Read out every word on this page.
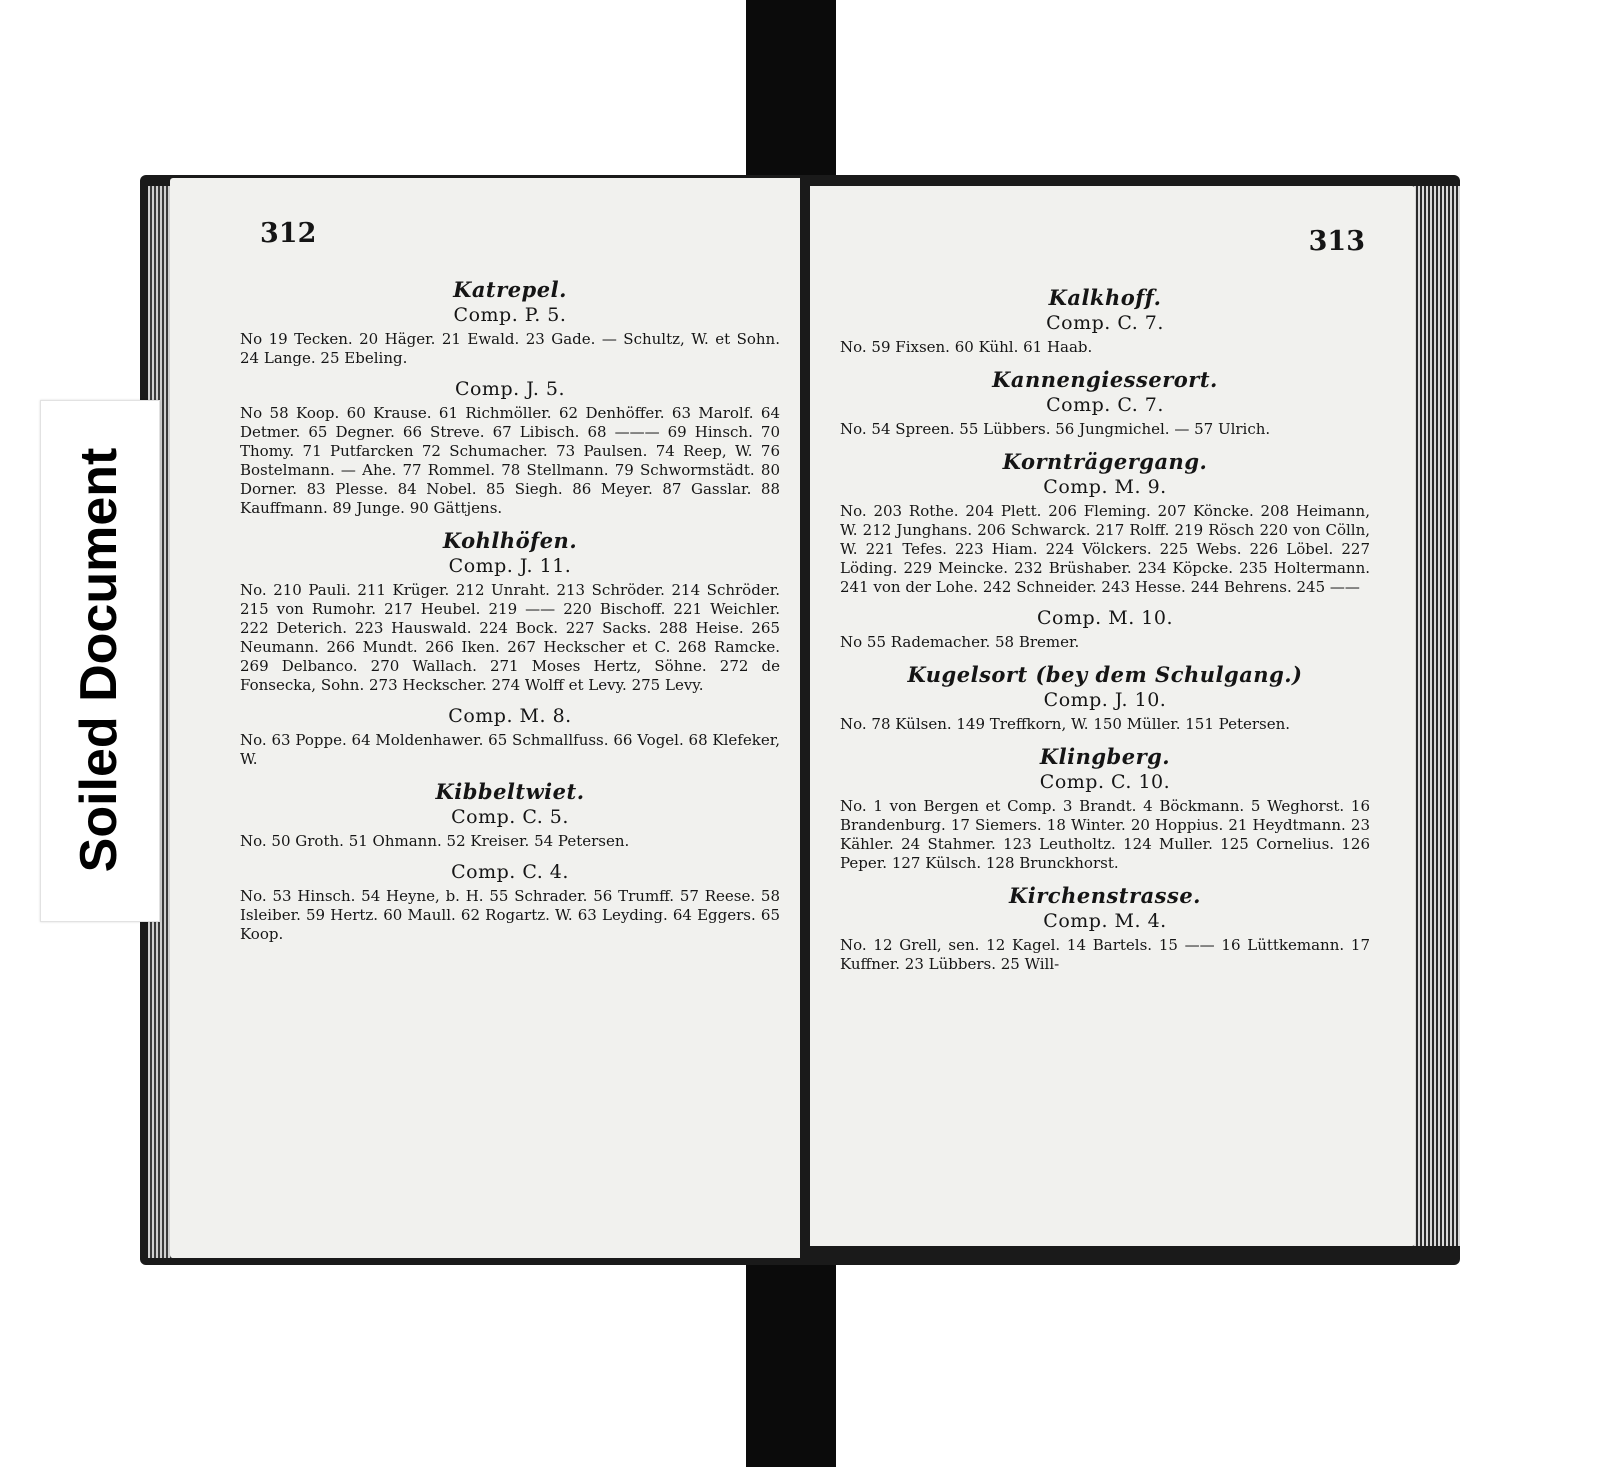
312
Katrepel.
Comp. P. 5.
No 19 Tecken. 20 Häger. 21 Ewald. 23 Gade. — Schultz, W. et Sohn. 24 Lange. 25 Ebeling.
Comp. J. 5.
No 58 Koop. 60 Krause. 61 Richmöller. 62 Denhöffer. 63 Marolf. 64 Detmer. 65 Degner. 66 Streve. 67 Libisch. 68 ——— 69 Hinsch. 70 Thomy. 71 Putfarcken 72 Schumacher. 73 Paulsen. 74 Reep, W. 76 Bostelmann. — Ahe. 77 Rommel. 78 Stellmann. 79 Schwormstädt. 80 Dorner. 83 Plesse. 84 Nobel. 85 Siegh. 86 Meyer. 87 Gasslar. 88 Kauffmann. 89 Junge. 90 Gättjens.
Kohlhöfen.
Comp. J. 11.
No. 210 Pauli. 211 Krüger. 212 Unraht. 213 Schröder. 214 Schröder. 215 von Rumohr. 217 Heubel. 219 —— 220 Bischoff. 221 Weichler. 222 Deterich. 223 Hauswald. 224 Bock. 227 Sacks. 288 Heise. 265 Neumann. 266 Mundt. 266 Iken. 267 Heckscher et C. 268 Ramcke. 269 Delbanco. 270 Wallach. 271 Moses Hertz, Söhne. 272 de Fonsecka, Sohn. 273 Heckscher. 274 Wolff et Levy. 275 Levy.
Comp. M. 8.
No. 63 Poppe. 64 Moldenhawer. 65 Schmallfuss. 66 Vogel. 68 Klefeker, W.
Kibbeltwiet.
Comp. C. 5.
No. 50 Groth. 51 Ohmann. 52 Kreiser. 54 Petersen.
Comp. C. 4.
No. 53 Hinsch. 54 Heyne, b. H. 55 Schrader. 56 Trumff. 57 Reese. 58 Isleiber. 59 Hertz. 60 Maull. 62 Rogartz. W. 63 Leyding. 64 Eggers. 65 Koop.
313
Kalkhoff.
Comp. C. 7.
No. 59 Fixsen. 60 Kühl. 61 Haab.
Kannengiesserort.
Comp. C. 7.
No. 54 Spreen. 55 Lübbers. 56 Jungmichel. — 57 Ulrich.
Kornträgergang.
Comp. M. 9.
No. 203 Rothe. 204 Plett. 206 Fleming. 207 Köncke. 208 Heimann, W. 212 Junghans. 206 Schwarck. 217 Rolff. 219 Rösch 220 von Cölln, W. 221 Tefes. 223 Hiam. 224 Völckers. 225 Webs. 226 Löbel. 227 Löding. 229 Meincke. 232 Brüshaber. 234 Köpcke. 235 Holtermann. 241 von der Lohe. 242 Schneider. 243 Hesse. 244 Behrens. 245 ——
Comp. M. 10.
No 55 Rademacher. 58 Bremer.
Kugelsort (bey dem Schulgang.)
Comp. J. 10.
No. 78 Külsen. 149 Treffkorn, W. 150 Müller. 151 Petersen.
Klingberg.
Comp. C. 10.
No. 1 von Bergen et Comp. 3 Brandt. 4 Böckmann. 5 Weghorst. 16 Brandenburg. 17 Siemers. 18 Winter. 20 Hoppius. 21 Heydtmann. 23 Kähler. 24 Stahmer. 123 Leutholtz. 124 Muller. 125 Cornelius. 126 Peper. 127 Külsch. 128 Brunckhorst.
Kirchenstrasse.
Comp. M. 4.
No. 12 Grell, sen. 12 Kagel. 14 Bartels. 15 —— 16 Lüttkemann. 17 Kuffner. 23 Lübbers. 25 Will-
Soiled Document
